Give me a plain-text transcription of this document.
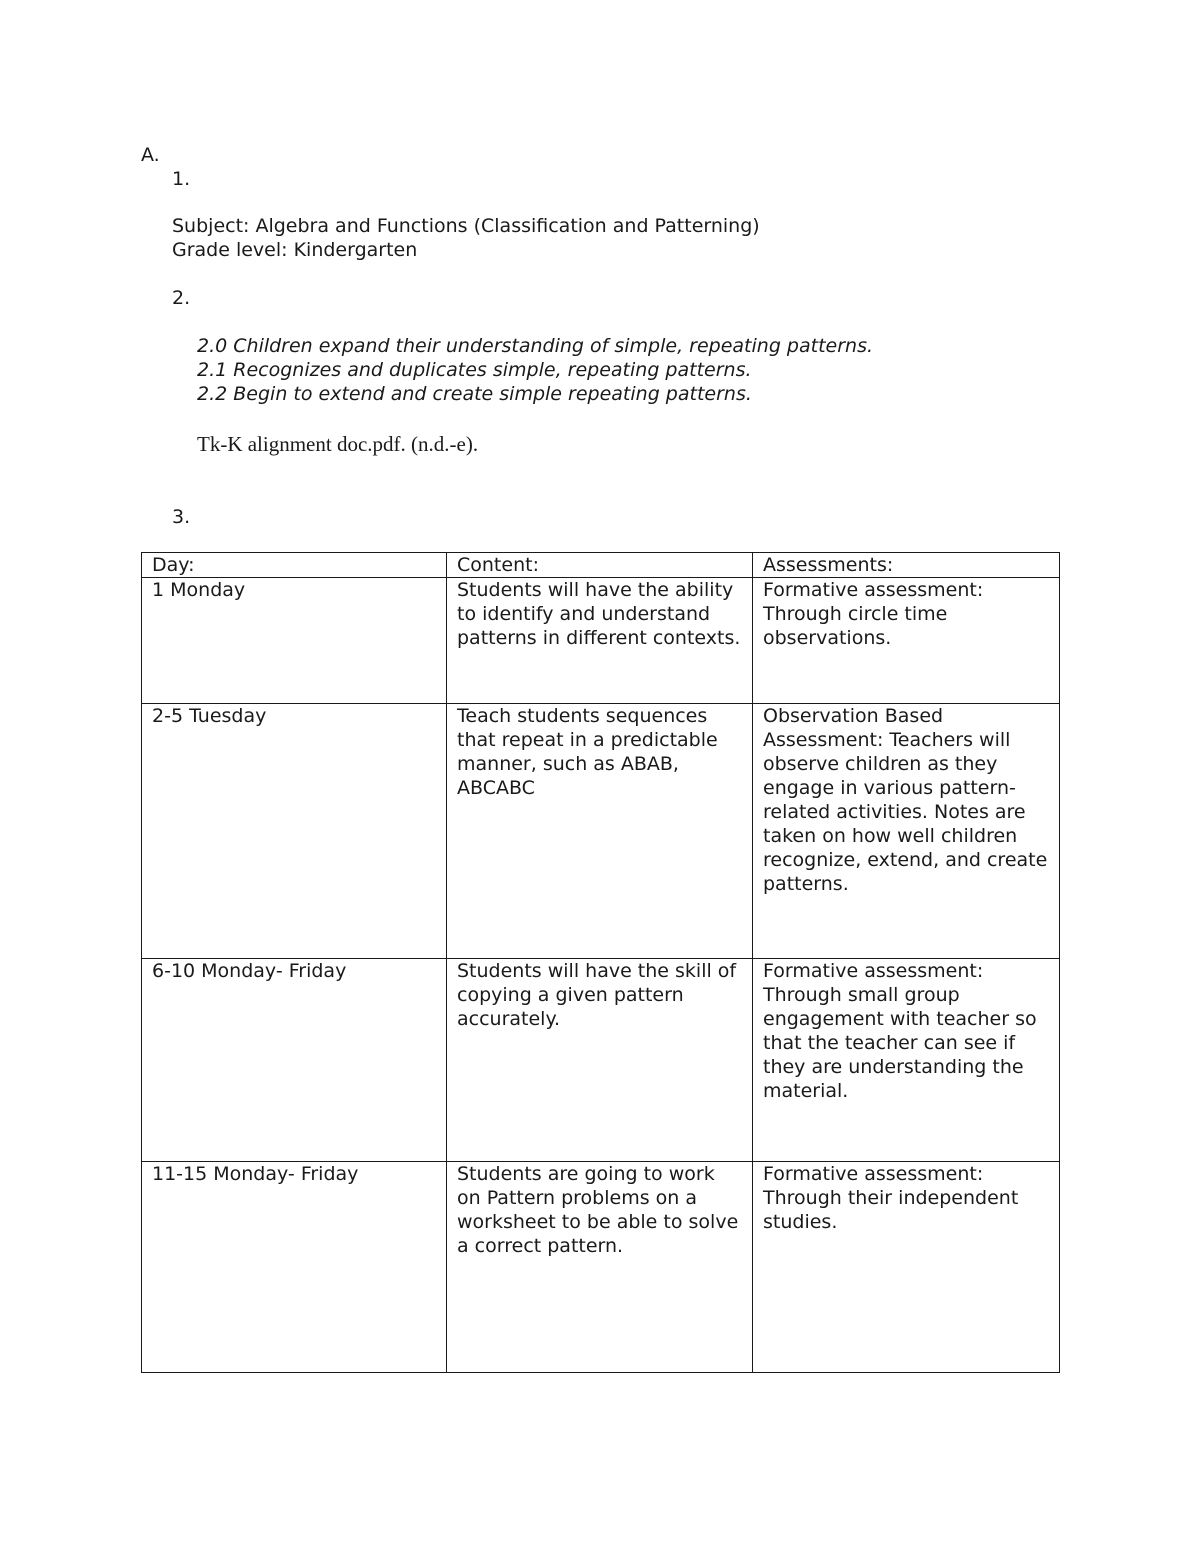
A.
1.
Subject: Algebra and Functions (Classification and Patterning)
Grade level: Kindergarten
2.
2.0 Children expand their understanding of simple, repeating patterns.
2.1 Recognizes and duplicates simple, repeating patterns.
2.2 Begin to extend and create simple repeating patterns.
Tk-K alignment doc.pdf. (n.d.-e).
3.
Day:	Content:	Assessments:
1 Monday	Students will have the ability to identify and understand patterns in different contexts.	Formative assessment: Through circle time observations.
2-5 Tuesday	Teach students sequences that repeat in a predictable manner, such as ABAB, ABCABC	Observation Based Assessment: Teachers will observe children as they engage in various pattern-related activities. Notes are taken on how well children recognize, extend, and create patterns.
6-10 Monday- Friday	Students will have the skill of copying a given pattern accurately.	Formative assessment: Through small group engagement with teacher so that the teacher can see if they are understanding the material.
11-15 Monday- Friday	Students are going to work on Pattern problems on a worksheet to be able to solve a correct pattern.	Formative assessment: Through their independent studies.
